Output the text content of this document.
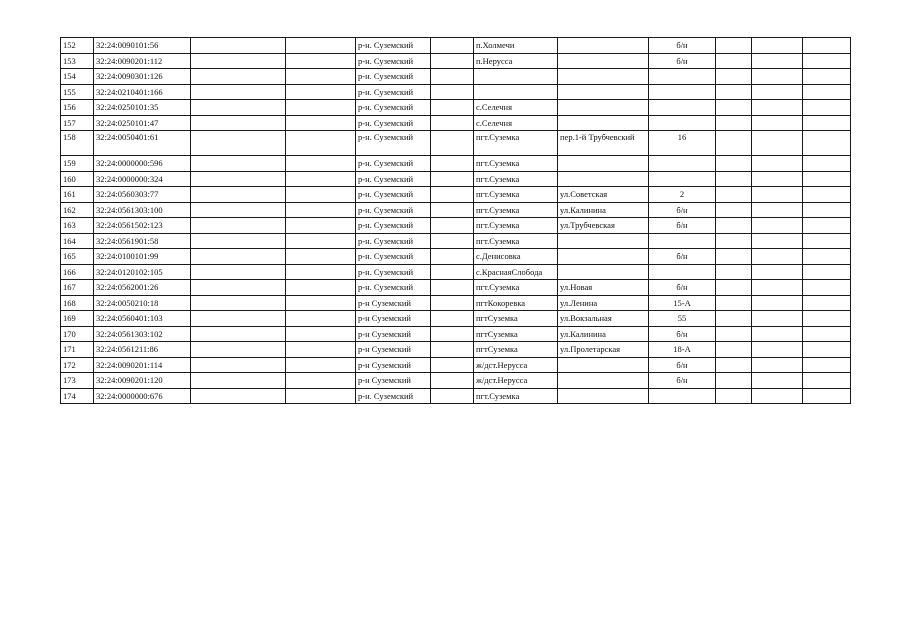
152	32:24:0090101:56			р-н. Суземский		п.Холмечи		б/н			
153	32:24:0090201:112			р-н. Суземский		п.Нерусса		б/н			
154	32:24:0090301:126			р-н. Суземский							
155	32:24:0210401:166			р-н. Суземский							
156	32:24:0250101:35			р-н. Суземский		с.Селечня					
157	32:24:0250101:47			р-н. Суземский		с.Селечня					
158	32:24:0050401:61			р-н. Суземский		пгт.Суземка	пер.1-й Трубчевский	16			
159	32:24:0000000:596			р-н. Суземский		пгт.Суземка					
160	32:24:0000000:324			р-н. Суземский		пгт.Суземка					
161	32:24:0560303:77			р-н. Суземский		пгт.Суземка	ул.Советская	2			
162	32:24:0561303:100			р-н. Суземский		пгт.Суземка	ул.Калинина	б/н			
163	32:24:0561502:123			р-н. Суземский		пгт.Суземка	ул.Трубчевская	б/н			
164	32:24:0561901:58			р-н. Суземский		пгт.Суземка					
165	32:24:0100101:99			р-н. Суземский		с.Денисовка		б/н			
166	32:24:0120102:105			р-н. Суземский		с.КраснаяСлобода					
167	32:24:0562001:26			р-н. Суземский		пгт.Суземка	ул.Новая	б/н			
168	32:24:0050210:18			р-н Суземский		пгтКокоревка	ул.Ленина	15-А			
169	32:24:0560401:103			р-н Суземский		пгтСуземка	ул.Вокзальная	55			
170	32:24:0561303:102			р-н Суземский		пгтСуземка	ул.Калинина	б/н			
171	32:24:0561211:86			р-н Суземский		пгтСуземка	ул.Пролетарская	18-А			
172	32:24:0090201:114			р-н Суземский		ж/дст.Нерусса		б/н			
173	32:24:0090201:120			р-н Суземский		ж/дст.Нерусса		б/н			
174	32:24:0000000:676			р-н. Суземский		пгт.Суземка					
